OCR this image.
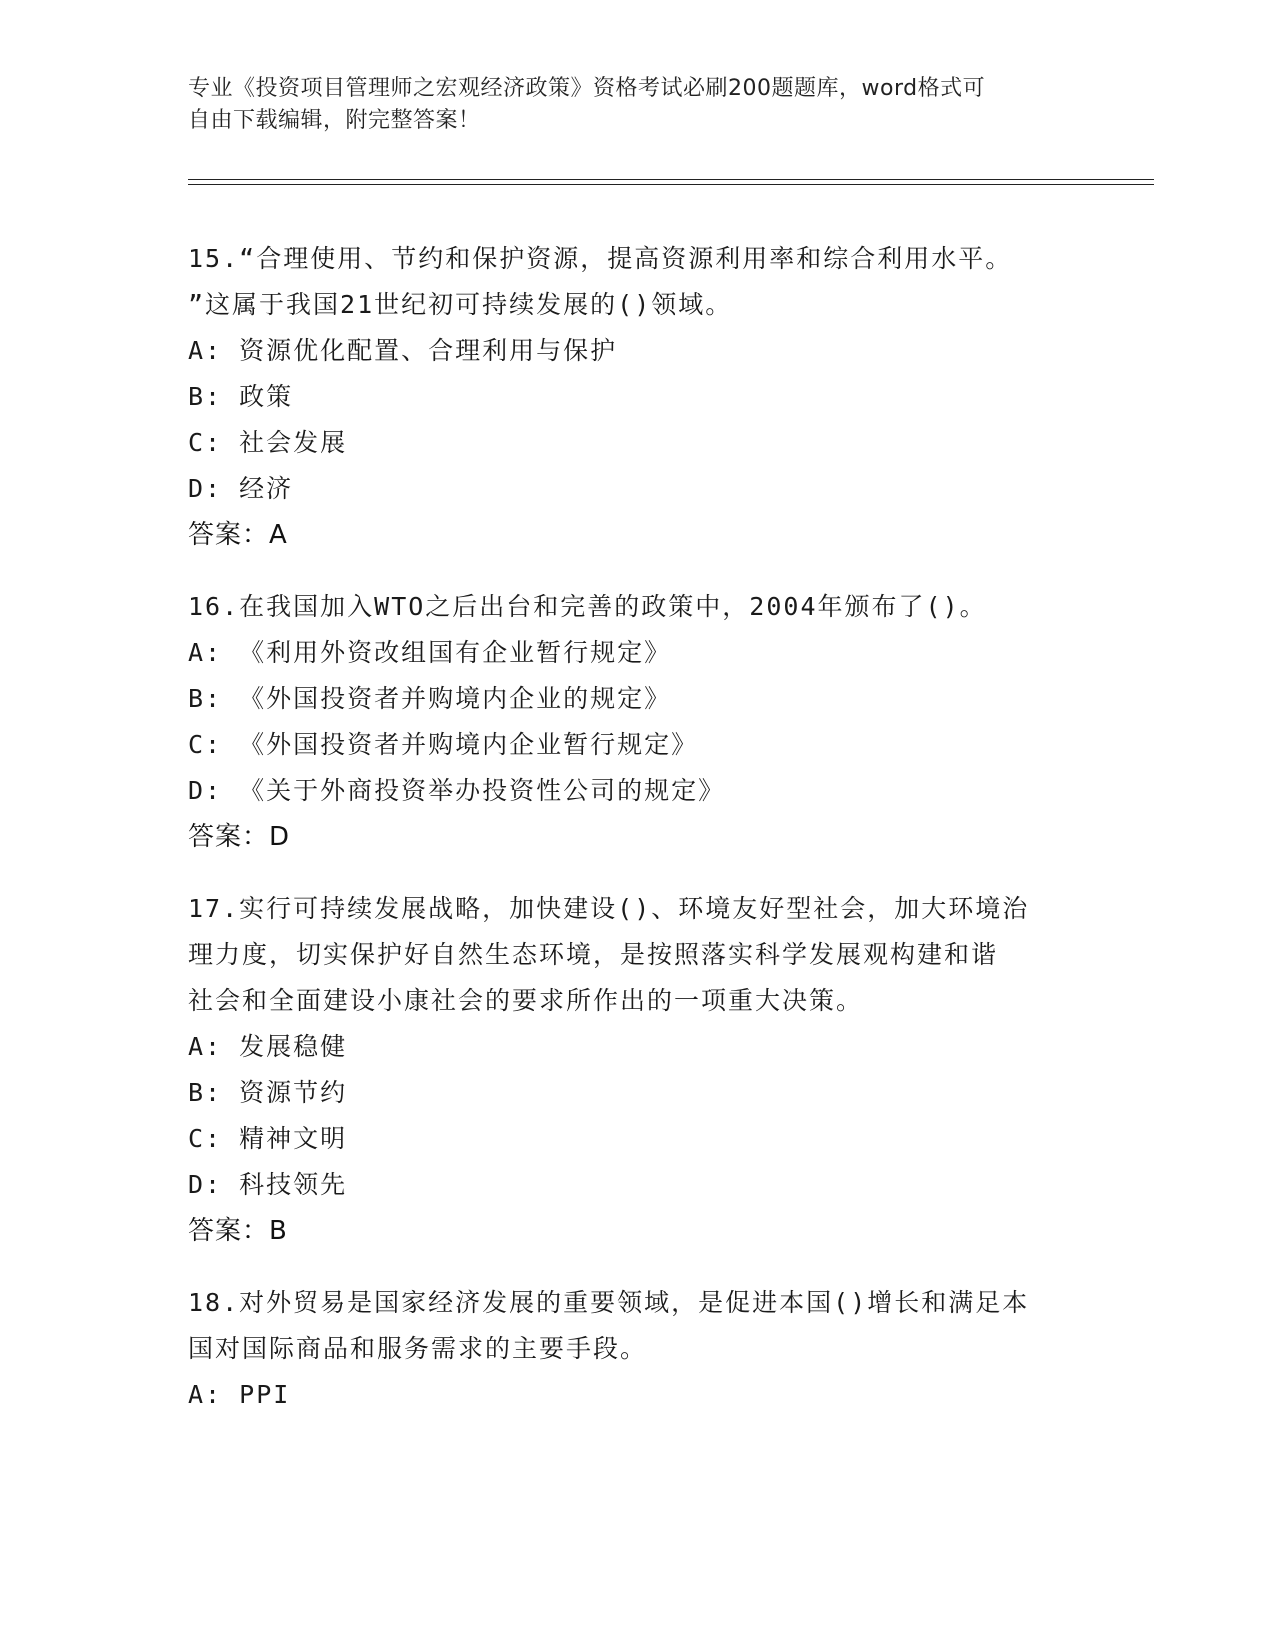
专业《投资项目管理师之宏观经济政策》资格考试必刷200题题库，word格式可
自由下载编辑，附完整答案！
15.“合理使用、节约和保护资源，提高资源利用率和综合利用水平。
”这属于我国21世纪初可持续发展的()领域。
A: 资源优化配置、合理利用与保护
B: 政策
C: 社会发展
D: 经济
答案：A
16.在我国加入WTO之后出台和完善的政策中，2004年颁布了()。
A: 《利用外资改组国有企业暂行规定》
B: 《外国投资者并购境内企业的规定》
C: 《外国投资者并购境内企业暂行规定》
D: 《关于外商投资举办投资性公司的规定》
答案：D
17.实行可持续发展战略，加快建设()、环境友好型社会，加大环境治
理力度，切实保护好自然生态环境，是按照落实科学发展观构建和谐
社会和全面建设小康社会的要求所作出的一项重大决策。
A: 发展稳健
B: 资源节约
C: 精神文明
D: 科技领先
答案：B
18.对外贸易是国家经济发展的重要领域，是促进本国()增长和满足本
国对国际商品和服务需求的主要手段。
A: PPI
